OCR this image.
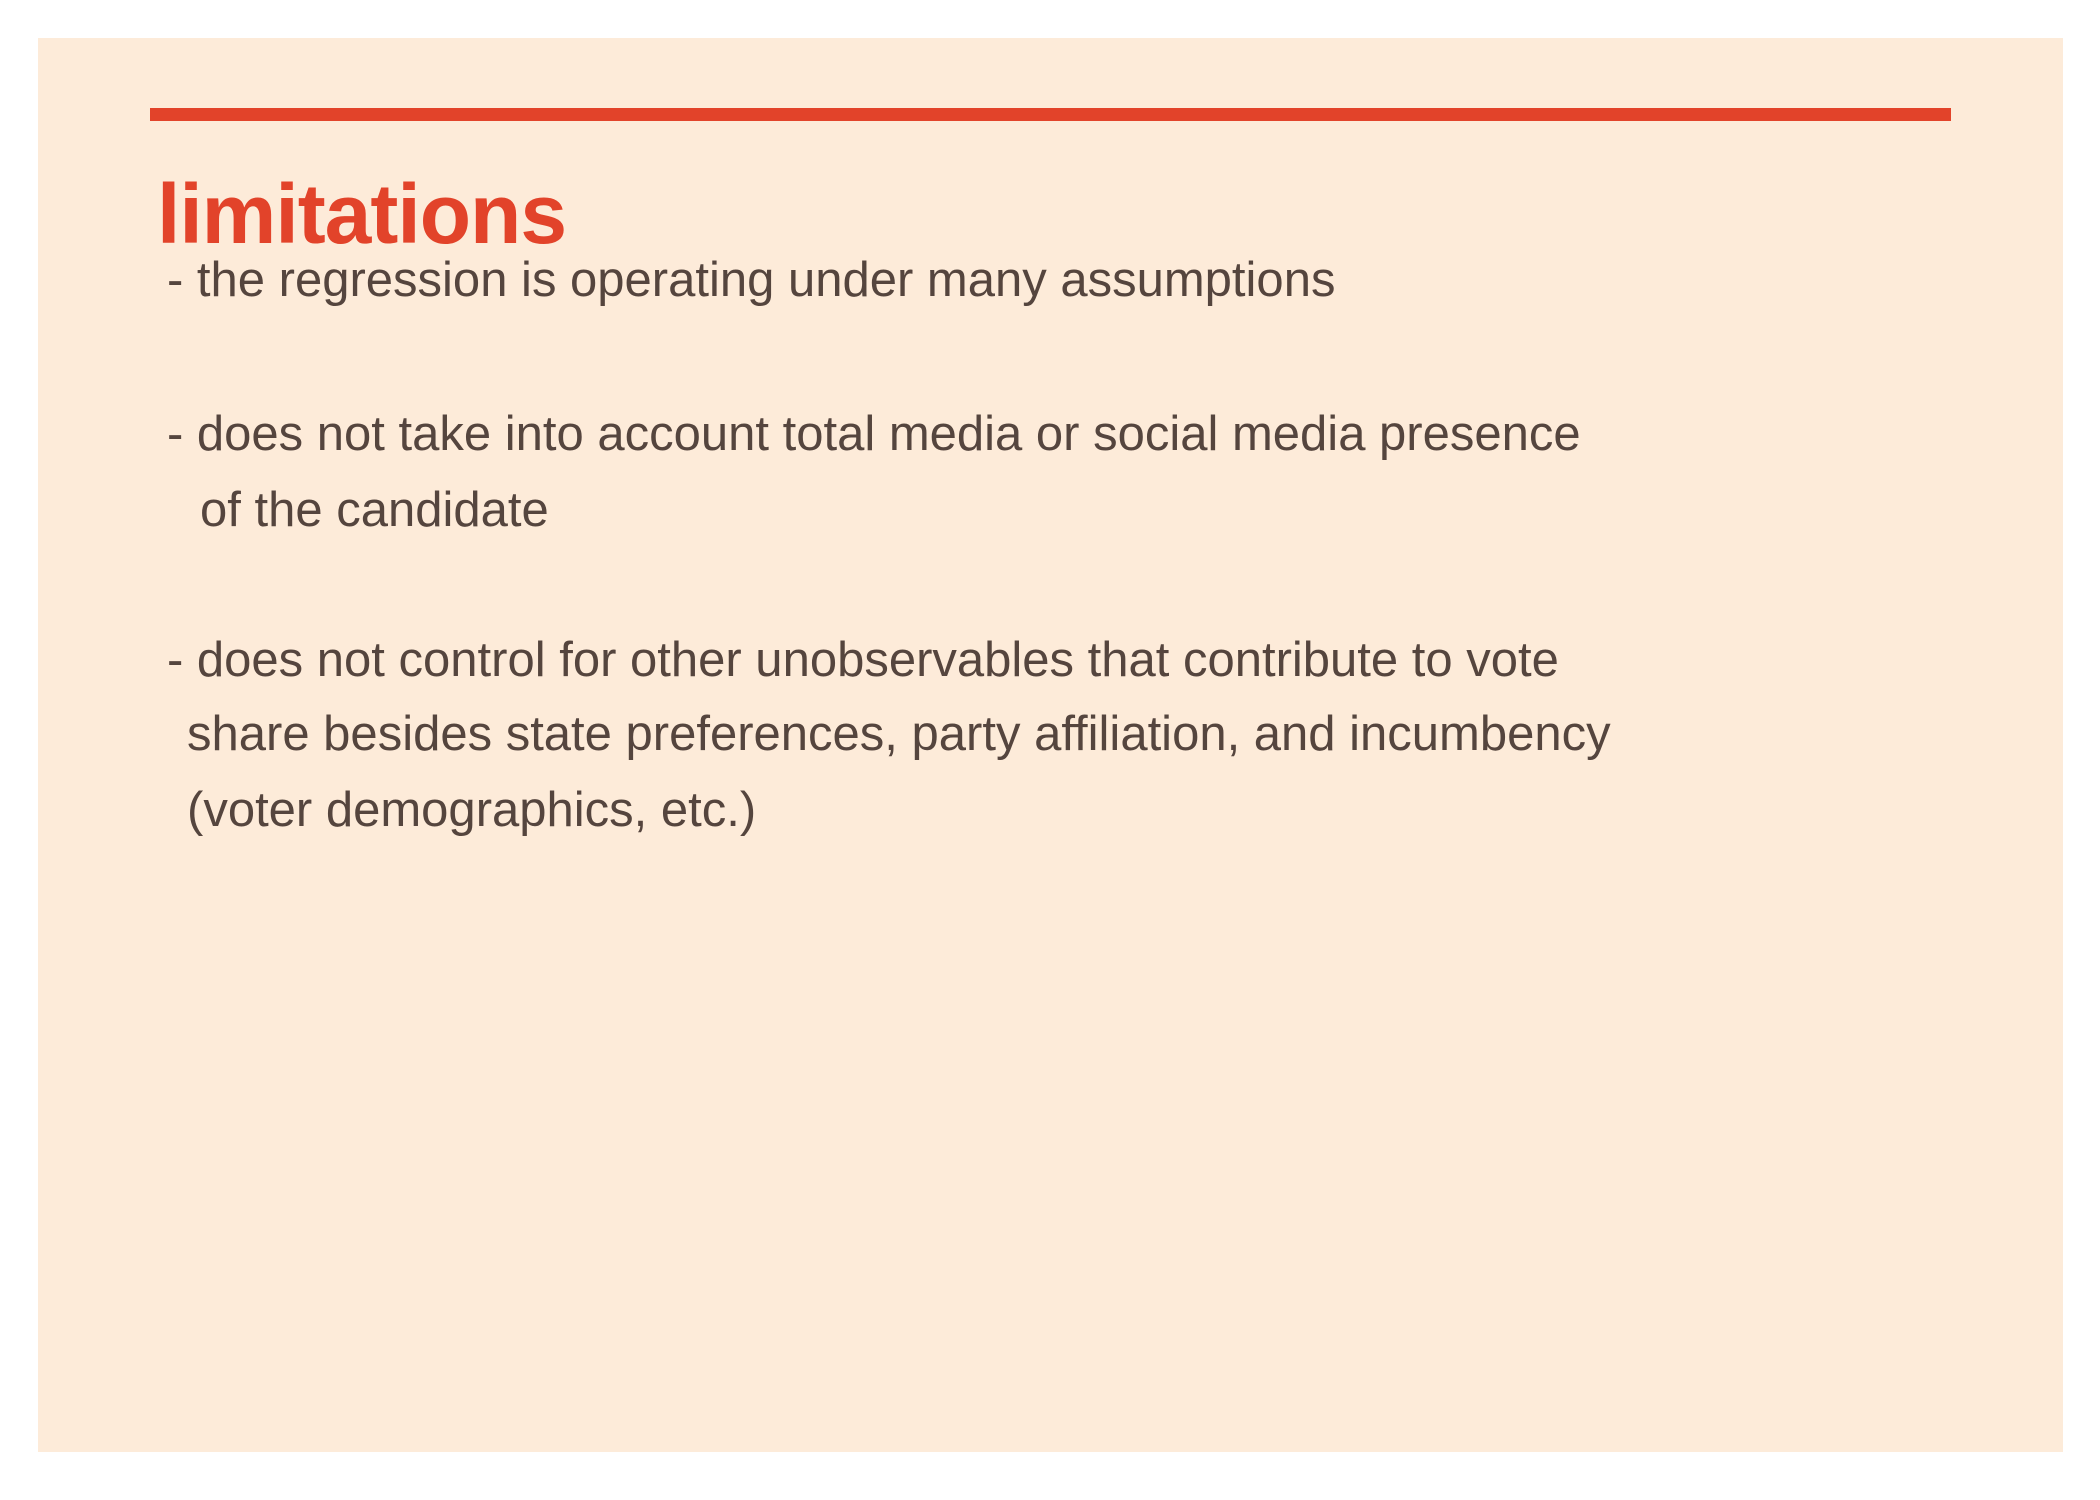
limitations

- the regression is operating under many assumptions

- does not take into account total media or social media presence

of the candidate

- does not control for other unobservables that contribute to vote

share besides state preferences, party affiliation, and incumbency

(voter demographics, etc.)
